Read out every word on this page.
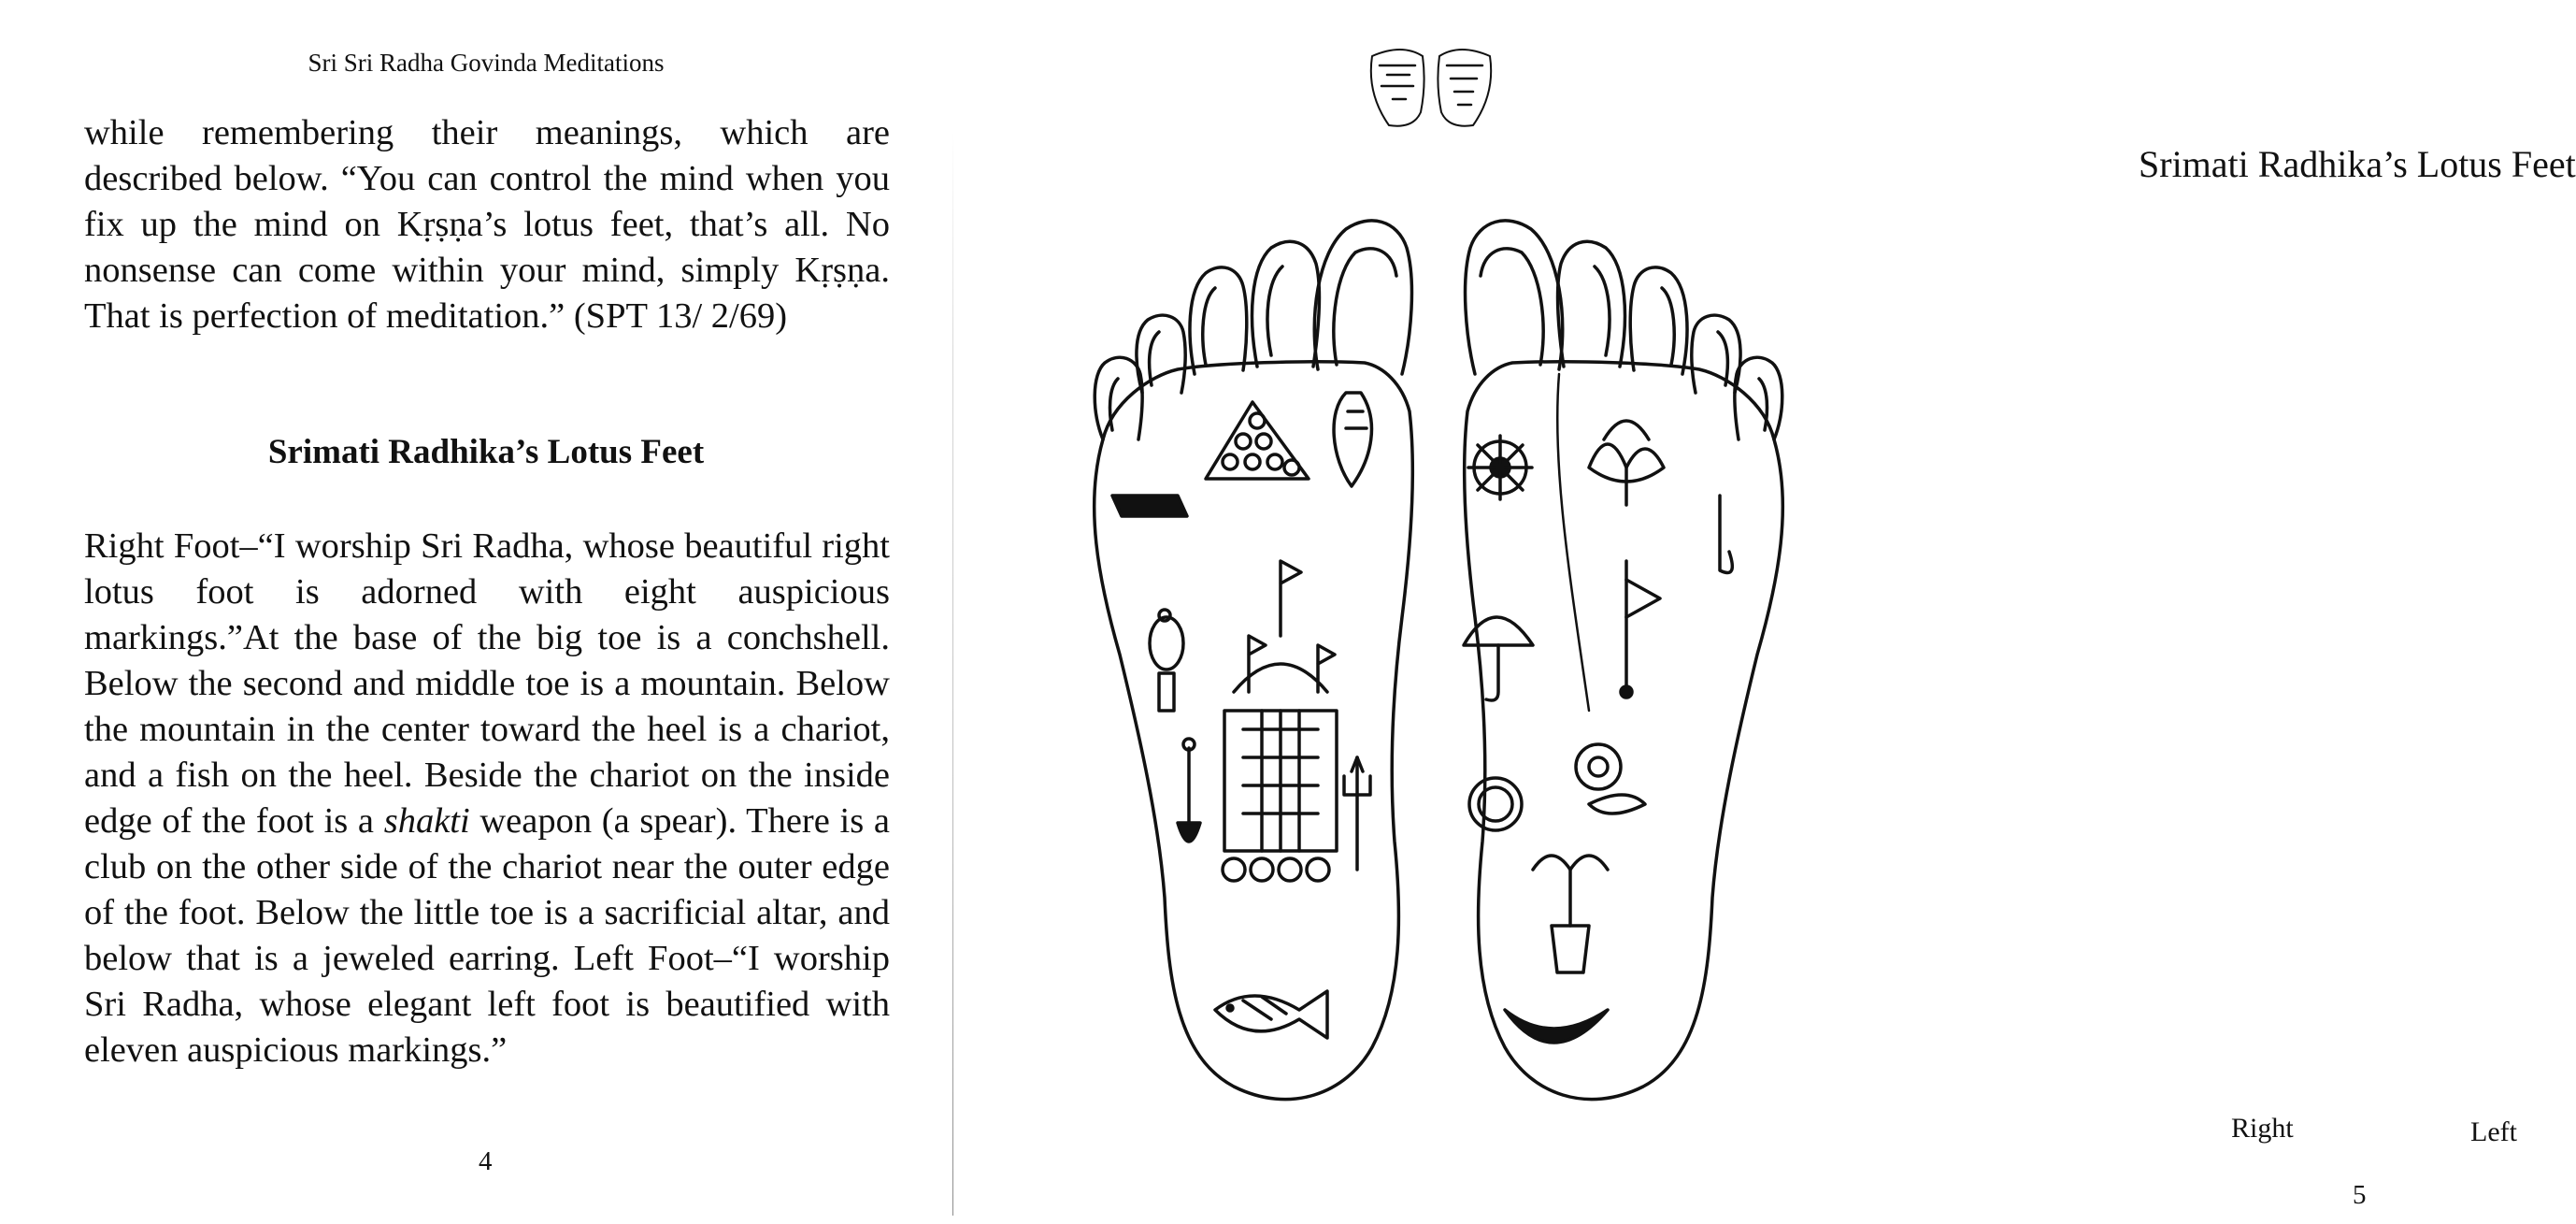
Sri Sri Radha Govinda Meditations
while remembering their meanings, which are described below. “You can control the mind when you fix up the mind on Kṛṣṇa’s lotus feet, that’s all. No nonsense can come within your mind, simply Kṛṣṇa. That is perfection of meditation.” (SPT 13/ 2/69)
Srimati Radhika’s Lotus Feet
Right Foot–“I worship Sri Radha, whose beautiful right lotus foot is adorned with eight auspicious markings.”At the base of the big toe is a conchshell. Below the second and middle toe is a mountain. Below the mountain in the center toward the heel is a chariot, and a fish on the heel. Beside the chariot on the inside edge of the foot is a shakti weapon (a spear). There is a club on the other side of the chariot near the outer edge of the foot. Below the little toe is a sacrificial altar, and below that is a jeweled earring. Left Foot–“I worship Sri Radha, whose elegant left foot is beautified with eleven auspicious markings.”
4
Srimati Radhika’s Lotus Feet
Right	Left
5
